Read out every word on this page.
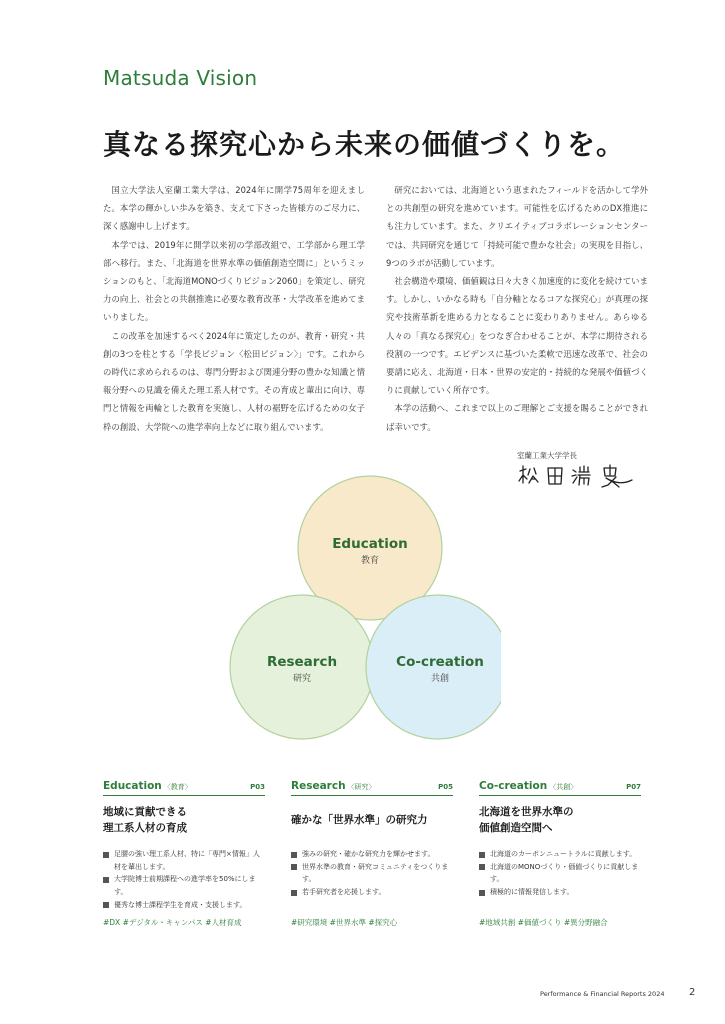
Matsuda Vision
真なる探究心から未来の価値づくりを。

国立大学法人室蘭工業大学は、2024年に開学75周年を迎えました。本学の輝かしい歩みを築き、支えて下さった皆様方のご尽力に、深く感謝申し上げます。

本学では、2019年に開学以来初の学部改組で、工学部から理工学部へ移行。また、「北海道を世界水準の価値創造空間に」というミッションのもと、「北海道MONOづくりビジョン2060」を策定し、研究力の向上、社会との共創推進に必要な教育改革・大学改革を進めてまいりました。

この改革を加速するべく2024年に策定したのが、教育・研究・共創の3つを柱とする「学長ビジョン〈松田ビジョン〉」です。これからの時代に求められるのは、専門分野および関連分野の豊かな知識と情報分野への見識を備えた理工系人材です。その育成と輩出に向け、専門と情報を両輪とした教育を実施し、人材の裾野を広げるための女子枠の創設、大学院への進学率向上などに取り組んでいます。

研究においては、北海道という恵まれたフィールドを活かして学外との共創型の研究を進めています。可能性を広げるためのDX推進にも注力しています。また、クリエイティブコラボレーションセンターでは、共同研究を通じて「持続可能で豊かな社会」の実現を目指し、9つのラボが活動しています。

社会構造や環境、価値観は日々大きく加速度的に変化を続けています。しかし、いかなる時も「自分軸となるコアな探究心」が真理の探究や技術革新を進める力となることに変わりありません。あらゆる人々の「真なる探究心」をつなぎ合わせることが、本学に期待される役割の一つです。エビデンスに基づいた柔軟で迅速な改革で、社会の要請に応え、北海道・日本・世界の安定的・持続的な発展や価値づくりに貢献していく所存です。

本学の活動へ、これまで以上のご理解とご支援を賜ることができれば幸いです。

室蘭工業大学学長
Education
教育
Research
研究
Co-creation
共創
Education 〈教育〉	P03
地域に貢献できる
理工系人材の育成
足腰の強い理工系人材、特に「専門×情報」人材を輩出します。
大学院博士前期課程への進学率を50%にします。
優秀な博士課程学生を育成・支援します。
#DX #デジタル・キャンパス #人材育成
Research 〈研究〉	P05
確かな「世界水準」の研究力
強みの研究・確かな研究力を輝かせます。
世界水準の教育・研究コミュニティをつくります。
若手研究者を応援します。
#研究環境 #世界水準 #探究心
Co-creation 〈共創〉	P07
北海道を世界水準の
価値創造空間へ
北海道のカーボンニュートラルに貢献します。
北海道のMONOづくり・価値づくりに貢献します。
積極的に情報発信します。
#地域共創 #価値づくり #異分野融合
Performance & Financial Reports 2024 2
